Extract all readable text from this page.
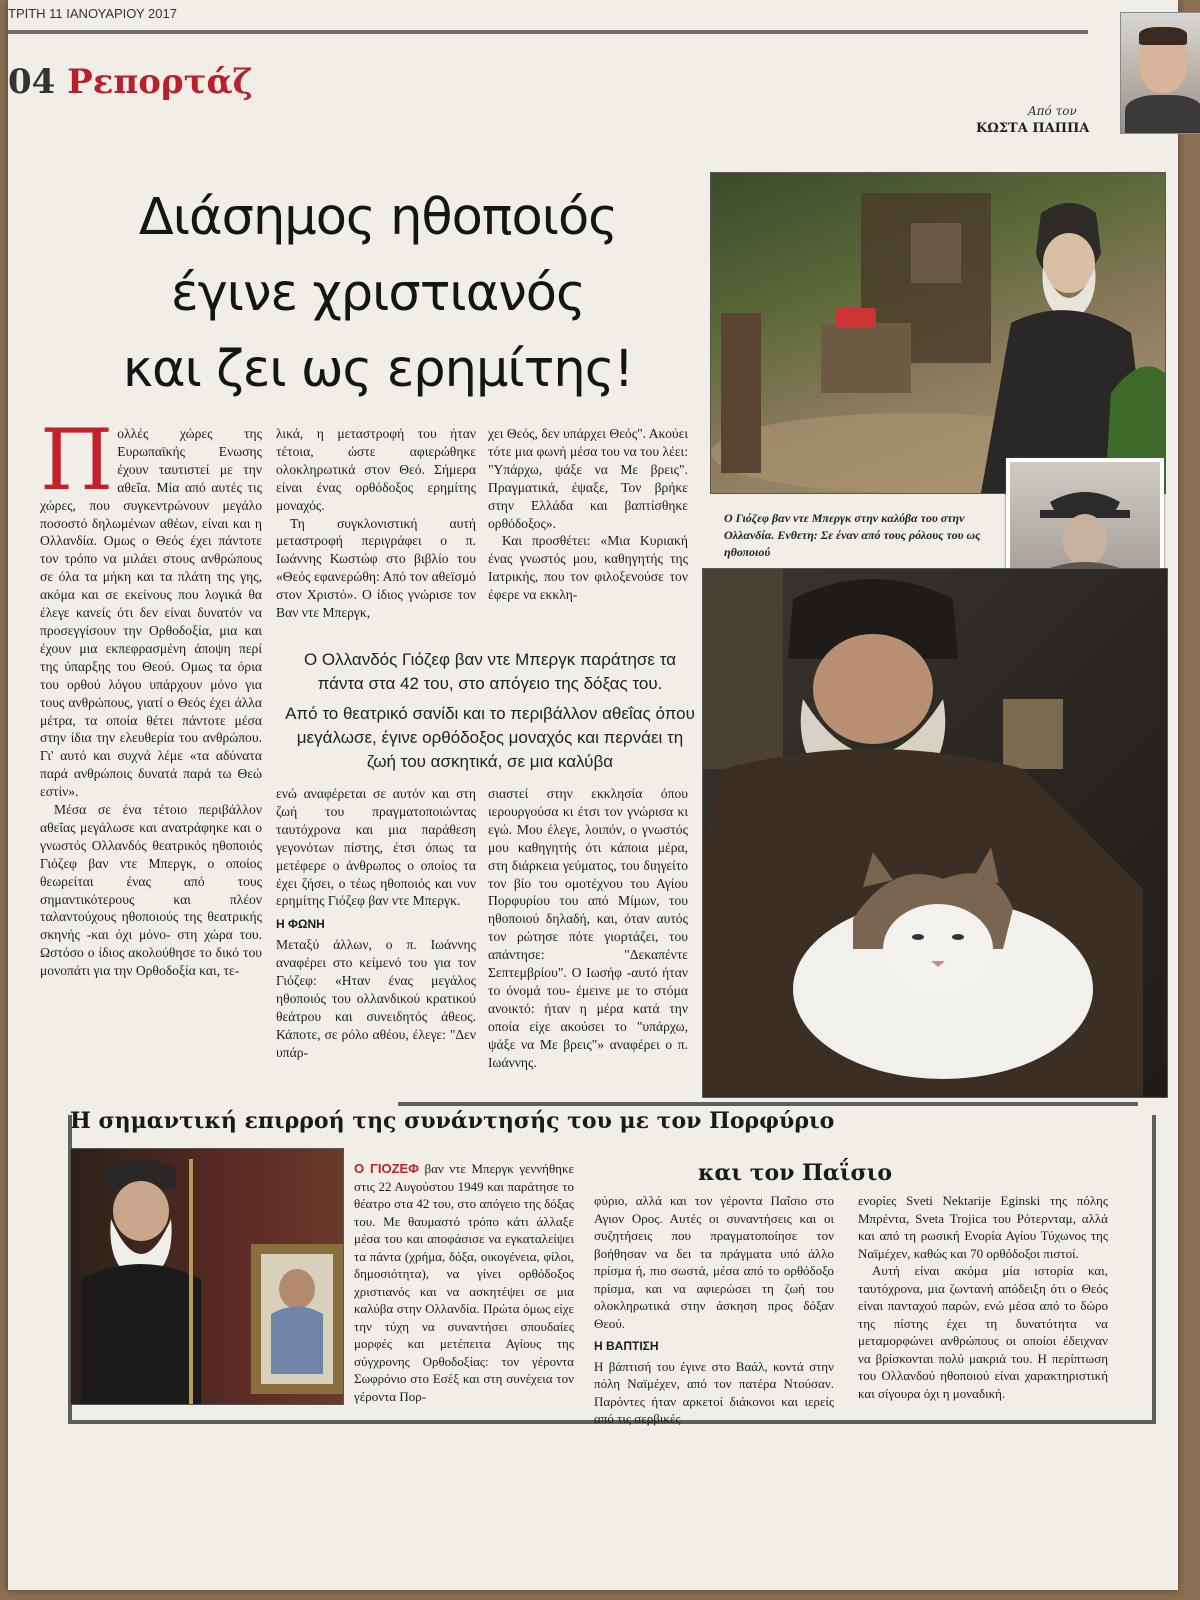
ΤΡΙΤΗ 11 ΙΑΝΟΥΑΡΙΟΥ 2017
04 Ρεπορτάζ
Από τον
ΚΩΣΤΑ ΠΑΠΠΑ
Διάσημος ηθοποιός
έγινε χριστιανός
και ζει ως ερημίτης!

Πολλές χώρες της Ευρωπαϊκής Ενωσης έχουν ταυτιστεί με την αθεΐα. Μία από αυτές τις χώρες, που συγκεντρώνουν μεγάλο ποσοστό δηλωμένων αθέων, είναι και η Ολλανδία. Ομως ο Θεός έχει πάντοτε τον τρόπο να μιλάει στους ανθρώπους σε όλα τα μήκη και τα πλάτη της γης, ακόμα και σε εκείνους που λογικά θα έλεγε κανείς ότι δεν είναι δυνατόν να προσεγγίσουν την Ορθοδοξία, μια και έχουν μια εκπεφρασμένη άποψη περί της ύπαρξης του Θεού. Ομως τα όρια του ορθού λόγου υπάρχουν μόνο για τους ανθρώπους, γιατί ο Θεός έχει άλλα μέτρα, τα οποία θέτει πάντοτε μέσα στην ίδια την ελευθερία του ανθρώπου. Γι' αυτό και συχνά λέμε «τα αδύνατα παρά ανθρώποις δυνατά παρά τω Θεώ εστίν».

Μέσα σε ένα τέτοιο περιβάλλον αθεΐας μεγάλωσε και ανατράφηκε και ο γνωστός Ολλανδός θεατρικός ηθοποιός Γιόζεφ βαν ντε Μπεργκ, ο οποίος θεωρείται ένας από τους σημαντικότερους και πλέον ταλαντούχους ηθοποιούς της θεατρικής σκηνής -και όχι μόνο- στη χώρα του. Ωστόσο ο ίδιος ακολούθησε το δικό του μονοπάτι για την Ορθοδοξία και, τε-

λικά, η μεταστροφή του ήταν τέτοια, ώστε αφιερώθηκε ολοκληρωτικά στον Θεό. Σήμερα είναι ένας ορθόδοξος ερημίτης μοναχός.

Τη συγκλονιστική αυτή μεταστροφή περιγράφει ο π. Ιωάννης Κωστώφ στο βιβλίο του «Θεός εφανερώθη: Από τον αθεϊσμό στον Χριστό». Ο ίδιος γνώρισε τον Βαν ντε Μπεργκ,

χει Θεός, δεν υπάρχει Θεός". Ακούει τότε μια φωνή μέσα του να του λέει: "Υπάρχω, ψάξε να Με βρεις". Πραγματικά, έψαξε, Τον βρήκε στην Ελλάδα και βαπτίσθηκε ορθόδοξος».

Και προσθέτει: «Μια Κυριακή ένας γνωστός μου, καθηγητής της Ιατρικής, που τον φιλοξενούσε τον έφερε να εκκλη-

Ο Ολλανδός Γιόζεφ βαν ντε Μπεργκ παράτησε τα πάντα στα 42 του, στο απόγειο της δόξας του.
Από το θεατρικό σανίδι και το περιβάλλον αθεΐας όπου μεγάλωσε, έγινε ορθόδοξος μοναχός και περνάει τη ζωή του ασκητικά, σε μια καλύβα

ενώ αναφέρεται σε αυτόν και στη ζωή του πραγματοποιώντας ταυτόχρονα και μια παράθεση γεγονότων πίστης, έτσι όπως τα μετέφερε ο άνθρωπος ο οποίος τα έχει ζήσει, ο τέως ηθοποιός και νυν ερημίτης Γιόζεφ βαν ντε Μπεργκ.

Η ΦΩΝΗ

Μεταξύ άλλων, ο π. Ιωάννης αναφέρει στο κείμενό του για τον Γιόζεφ: «Ηταν ένας μεγάλος ηθοποιός του ολλανδικού κρατικού θεάτρου και συνειδητός άθεος. Κάποτε, σε ρόλο αθέου, έλεγε: "Δεν υπάρ-

σιαστεί στην εκκλησία όπου ιερουργούσα κι έτσι τον γνώρισα κι εγώ. Μου έλεγε, λοιπόν, ο γνωστός μου καθηγητής ότι κάποια μέρα, στη διάρκεια γεύματος, του διηγείτο τον βίο του ομοτέχνου του Αγίου Πορφυρίου του από Μίμων, του ηθοποιού δηλαδή, και, όταν αυτός τον ρώτησε πότε γιορτάζει, του απάντησε: "Δεκαπέντε Σεπτεμβρίου". Ο Ιωσήφ -αυτό ήταν το όνομά του- έμεινε με το στόμα ανοικτό: ήταν η μέρα κατά την οποία είχε ακούσει το "υπάρχω, ψάξε να Με βρεις"» αναφέρει ο π. Ιωάννης.

Ο Γιόζεφ βαν ντε Μπεργκ στην καλύβα του στην Ολλανδία. Ενθετη: Σε έναν από τους ρόλους του ως ηθοποιού
Η σημαντική επιρροή της συνάντησής του με τον Πορφύριο
και τον Παΐσιο

Ο ΓΙΟΖΕΦ βαν ντε Μπεργκ γεννήθηκε στις 22 Αυγούστου 1949 και παράτησε το θέατρο στα 42 του, στο απόγειο της δόξας του. Με θαυμαστό τρόπο κάτι άλλαξε μέσα του και αποφάσισε να εγκαταλείψει τα πάντα (χρήμα, δόξα, οικογένεια, φίλοι, δημοσιότητα), να γίνει ορθόδοξος χριστιανός και να ασκητέψει σε μια καλύβα στην Ολλανδία. Πρώτα όμως είχε την τύχη να συναντήσει σπουδαίες μορφές και μετέπειτα Αγίους της σύγχρονης Ορθοδοξίας: τον γέροντα Σωφρόνιο στο Εσέξ και στη συνέχεια τον γέροντα Πορ-

φύριο, αλλά και τον γέροντα Παΐσιο στο Αγιον Ορος. Αυτές οι συναντήσεις και οι συζητήσεις που πραγματοποίησε τον βοήθησαν να δει τα πράγματα υπό άλλο πρίσμα ή, πιο σωστά, μέσα από το ορθόδοξο πρίσμα, και να αφιερώσει τη ζωή του ολοκληρωτικά στην άσκηση προς δόξαν Θεού.

Η ΒΑΠΤΙΣΗ

Η βάπτισή του έγινε στο Βαάλ, κοντά στην πόλη Ναϊμέχεν, από τον πατέρα Ντούσαν. Παρόντες ήταν αρκετοί διάκονοι και ιερείς από τις σερβικές

ενορίες Sveti Nektarije Eginski της πόλης Μπρέντα, Sveta Trojica του Ρότερνταμ, αλλά και από τη ρωσική Ενορία Αγίου Τύχωνος της Ναϊμέχεν, καθώς και 70 ορθόδοξοι πιστοί.

Αυτή είναι ακόμα μία ιστορία και, ταυτόχρονα, μια ζωντανή απόδειξη ότι ο Θεός είναι πανταχού παρών, ενώ μέσα από το δώρο της πίστης έχει τη δυνατότητα να μεταμορφώνει ανθρώπους οι οποίοι έδειχναν να βρίσκονται πολύ μακριά του. Η περίπτωση του Ολλανδού ηθοποιού είναι χαρακτηριστική και σίγουρα όχι η μοναδική.
